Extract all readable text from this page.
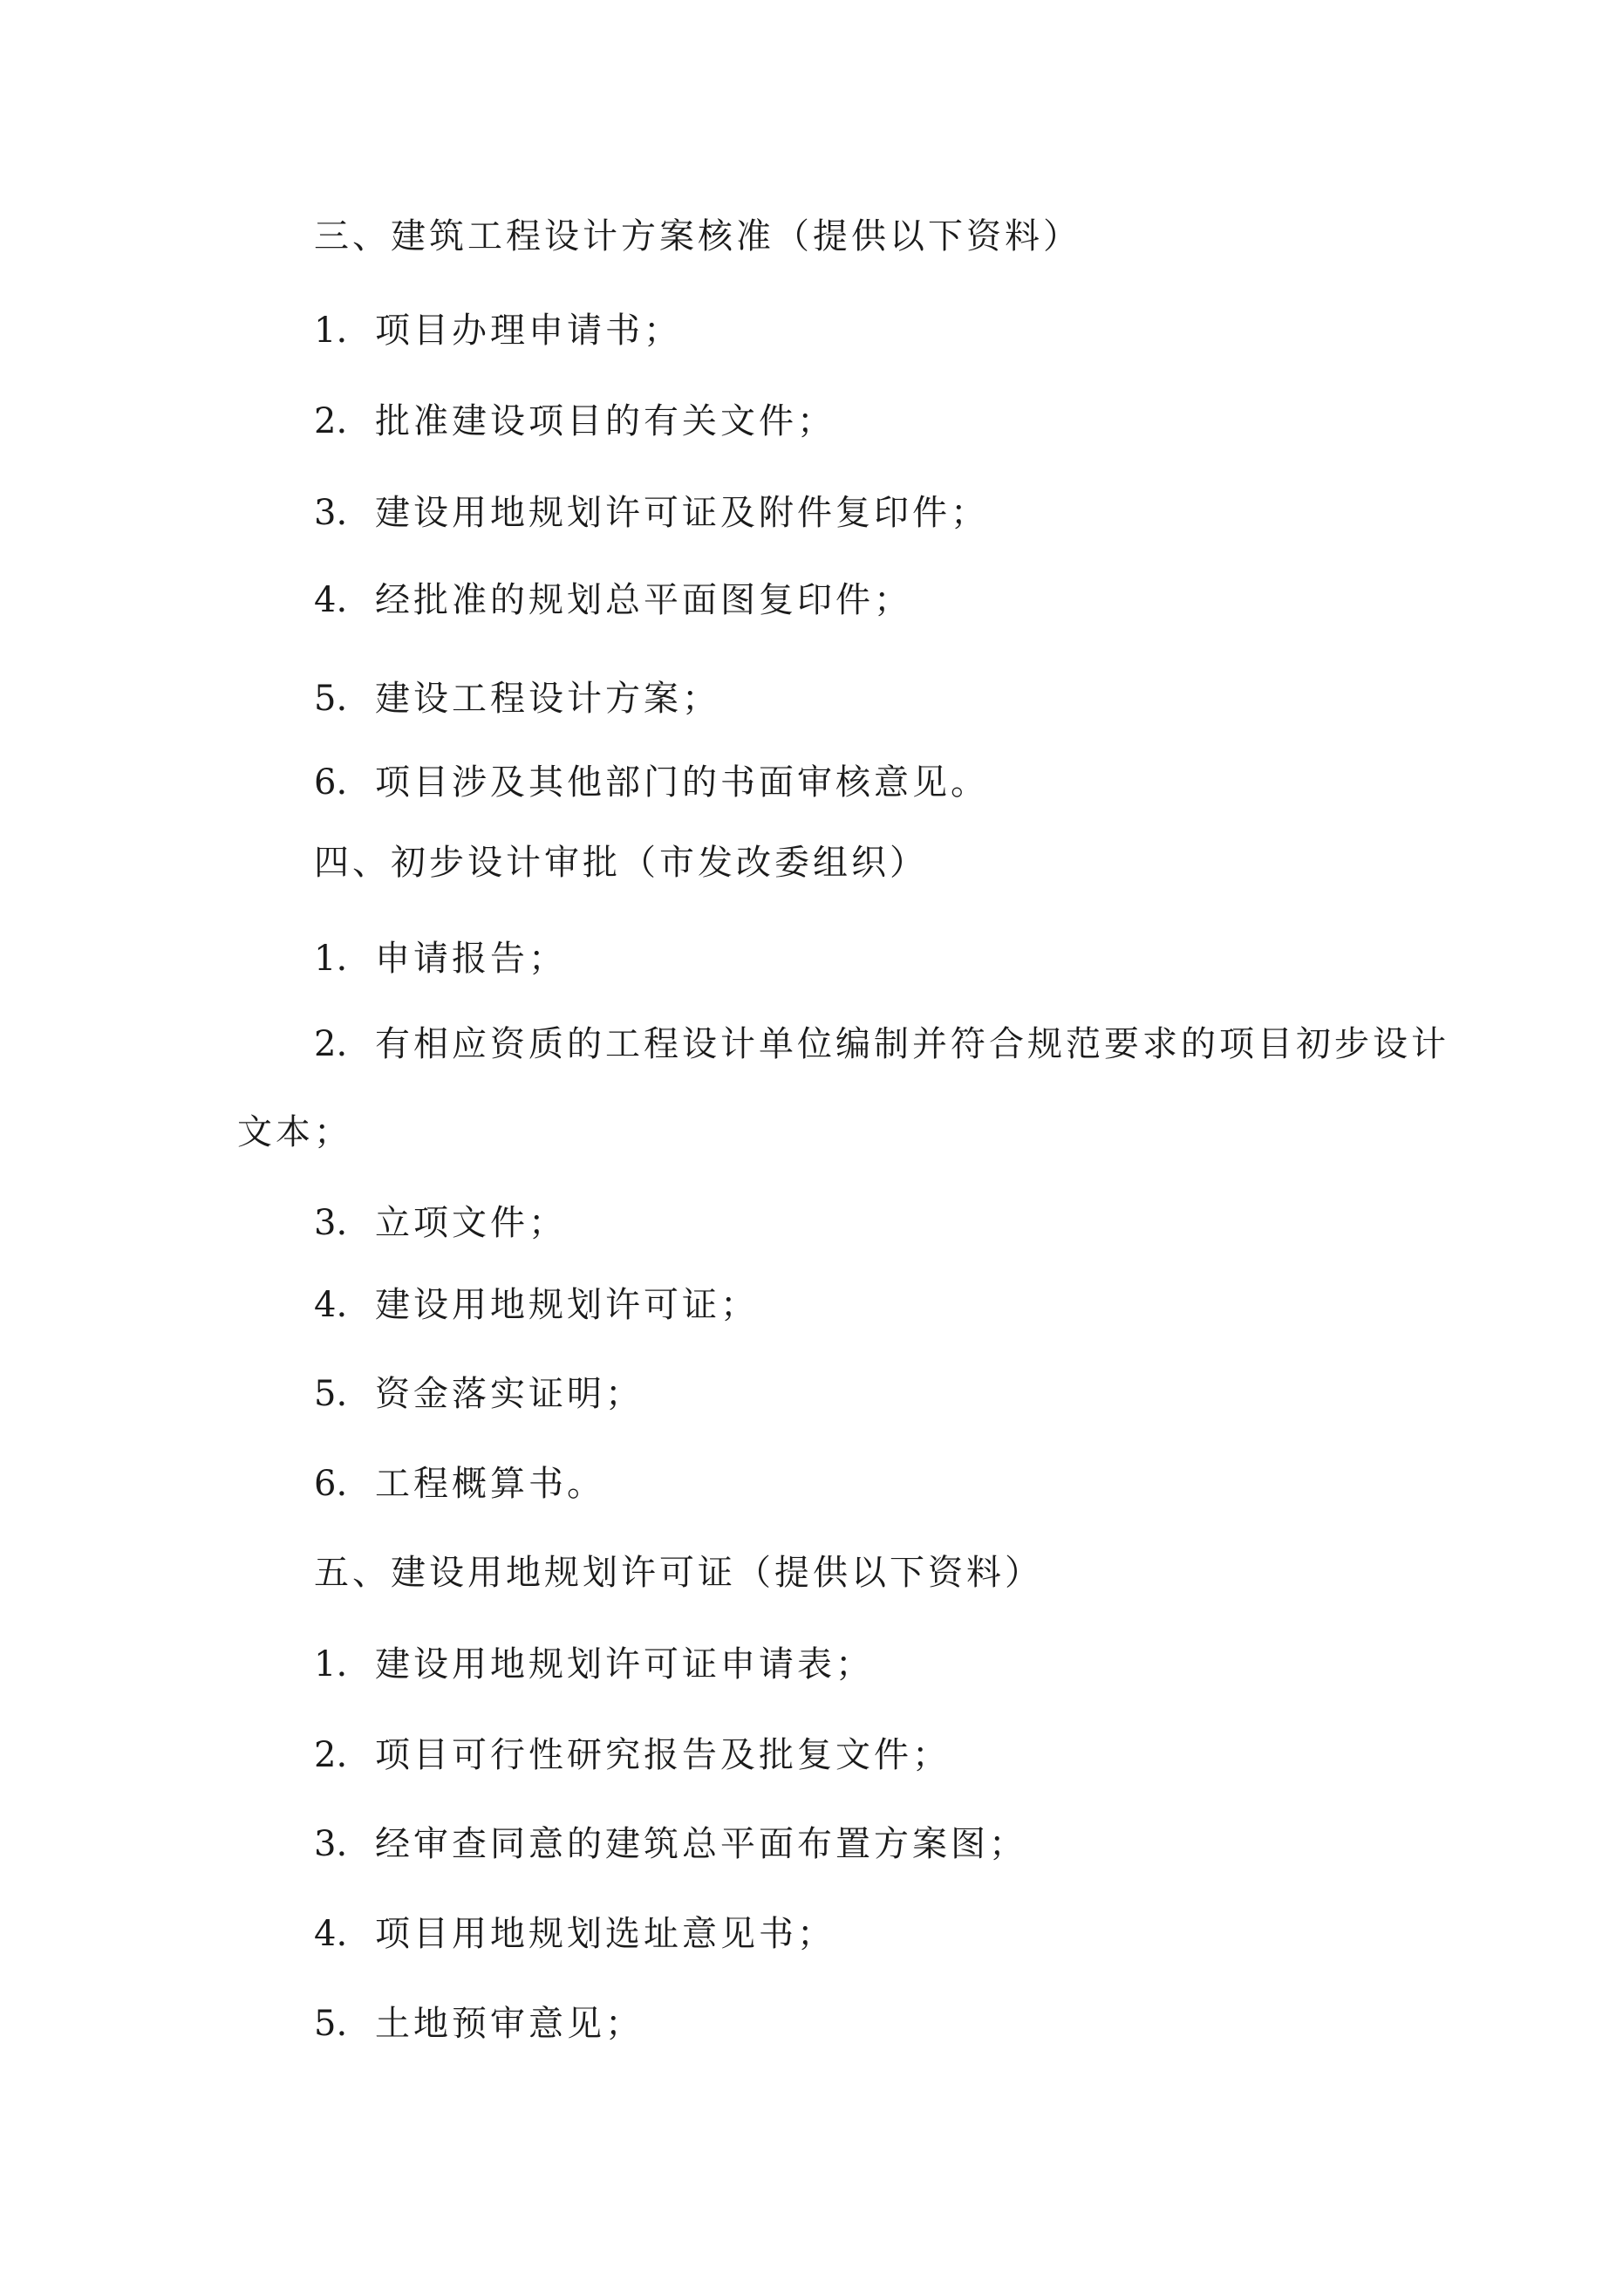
三、建筑工程设计方案核准（提供以下资料）
1. 项目办理申请书；
2. 批准建设项目的有关文件；
3. 建设用地规划许可证及附件复印件；
4. 经批准的规划总平面图复印件；
5. 建设工程设计方案；
6. 项目涉及其他部门的书面审核意见。
四、初步设计审批（市发改委组织）
1. 申请报告；
2. 有相应资质的工程设计单位编制并符合规范要求的项目初步设计
文本；
3. 立项文件；
4. 建设用地规划许可证；
5. 资金落实证明；
6. 工程概算书。
五、建设用地规划许可证（提供以下资料）
1. 建设用地规划许可证申请表；
2. 项目可行性研究报告及批复文件；
3. 经审查同意的建筑总平面布置方案图；
4. 项目用地规划选址意见书；
5. 土地预审意见；
